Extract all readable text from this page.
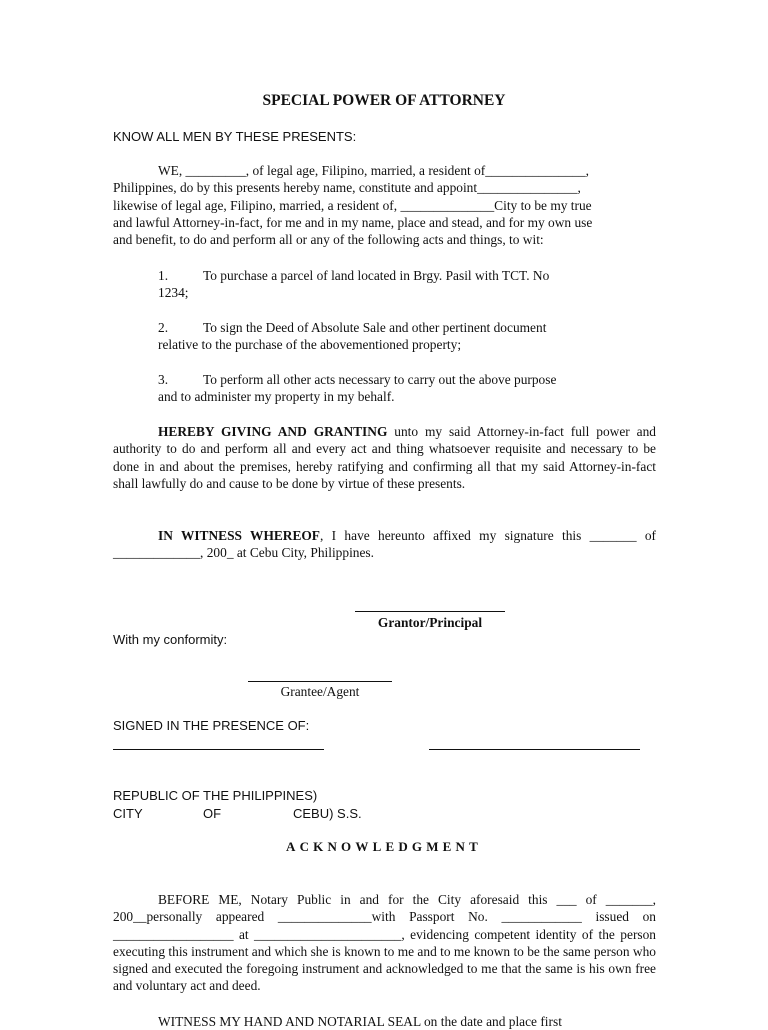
SPECIAL POWER OF ATTORNEY
KNOW ALL MEN BY THESE PRESENTS:
WE, _________, of legal age, Filipino, married, a resident of_______________,
Philippines, do by this presents hereby name, constitute and appoint_______________,
likewise of legal age, Filipino, married, a resident of, ______________City to be my true
and lawful Attorney-in-fact, for me and in my name, place and stead, and for my own use
and benefit, to do and perform all or any of the following acts and things, to wit:
1.	To purchase a parcel of land located in Brgy. Pasil with TCT. No
1234;
2.	To sign the Deed of Absolute Sale and other pertinent document
relative to the purchase of the abovementioned property;
3.	To perform all other acts necessary to carry out the above purpose
and to administer my property in my behalf.
HEREBY GIVING AND GRANTING unto my said Attorney-in-fact full power and authority to do and perform all and every act and thing whatsoever requisite and necessary to be done in and about the premises, hereby ratifying and confirming all that my said Attorney-in-fact shall lawfully do and cause to be done by virtue of these presents.
IN WITNESS WHEREOF, I have hereunto affixed my signature this _______ of _____________, 200_ at Cebu City, Philippines.
Grantor/Principal
With my conformity:
Grantee/Agent
SIGNED IN THE PRESENCE OF:
REPUBLIC OF THE PHILIPPINES)
CITY	OF	CEBU) S.S.
ACKNOWLEDGMENT
BEFORE ME, Notary Public in and for the City aforesaid this ___ of _______, 200__personally appeared ______________with Passport No. ____________ issued on __________________ at ______________________, evidencing competent identity of the person executing this instrument and which she is known to me and to me known to be the same person who signed and executed the foregoing instrument and acknowledged to me that the same is his own free and voluntary act and deed.
WITNESS MY HAND AND NOTARIAL SEAL on the date and place first
